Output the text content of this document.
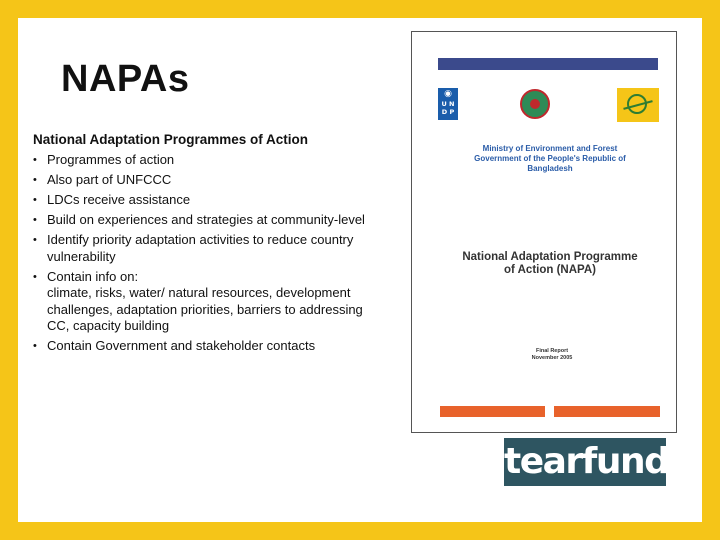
NAPAs
National Adaptation Programmes of Action
• Programmes of action
• Also part of UNFCCC
• LDCs receive assistance
• Build on experiences and strategies at community-level
• Identify priority adaptation activities to reduce country vulnerability
• Contain info on:
climate, risks, water/ natural resources, development challenges, adaptation priorities, barriers to addressing CC, capacity building
• Contain Government and stakeholder contacts
◉
U N
D P
Ministry of Environment and Forest
Government of the People's Republic of
Bangladesh
National Adaptation Programme
of Action (NAPA)
Final Report
November 2005
tearfund
